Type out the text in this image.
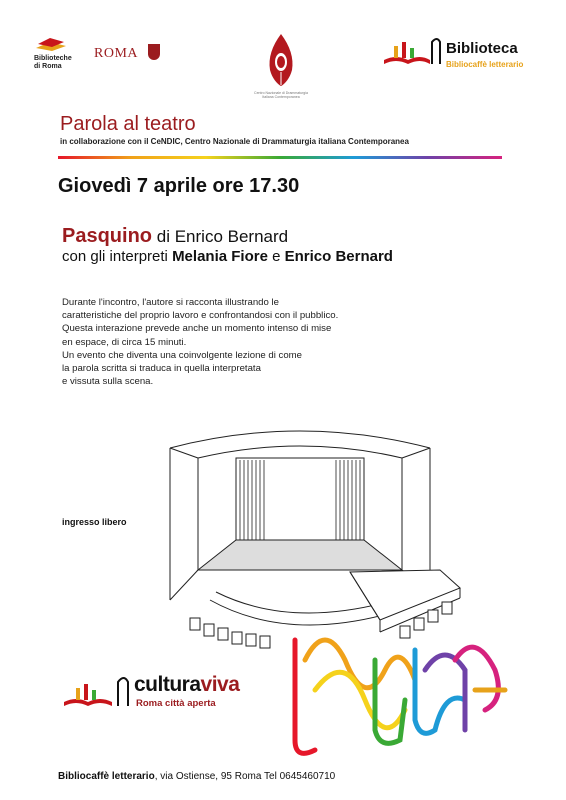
Biblioteche di Roma
ROMA
Centro Nazionale di Drammaturgia Italiana Contemporanea
Biblioteca
Bibliocaffè letterario
Parola al teatro
in collaborazione con il CeNDIC, Centro Nazionale di Drammaturgia italiana Contemporanea
Giovedì 7 aprile ore 17.30
Pasquino di Enrico Bernard
con gli interpreti Melania Fiore e Enrico Bernard
Durante l'incontro, l'autore si racconta illustrando le
caratteristiche del proprio lavoro e confrontandosi con il pubblico.
Questa interazione prevede anche un momento intenso di mise
en espace, di circa 15 minuti.
Un evento che diventa una coinvolgente lezione di come
la parola scritta si traduca in quella interpretata
e vissuta sulla scena.
ingresso libero
culturaviva
Roma città aperta
Bibliocaffè letterario, via Ostiense, 95 Roma Tel 0645460710
